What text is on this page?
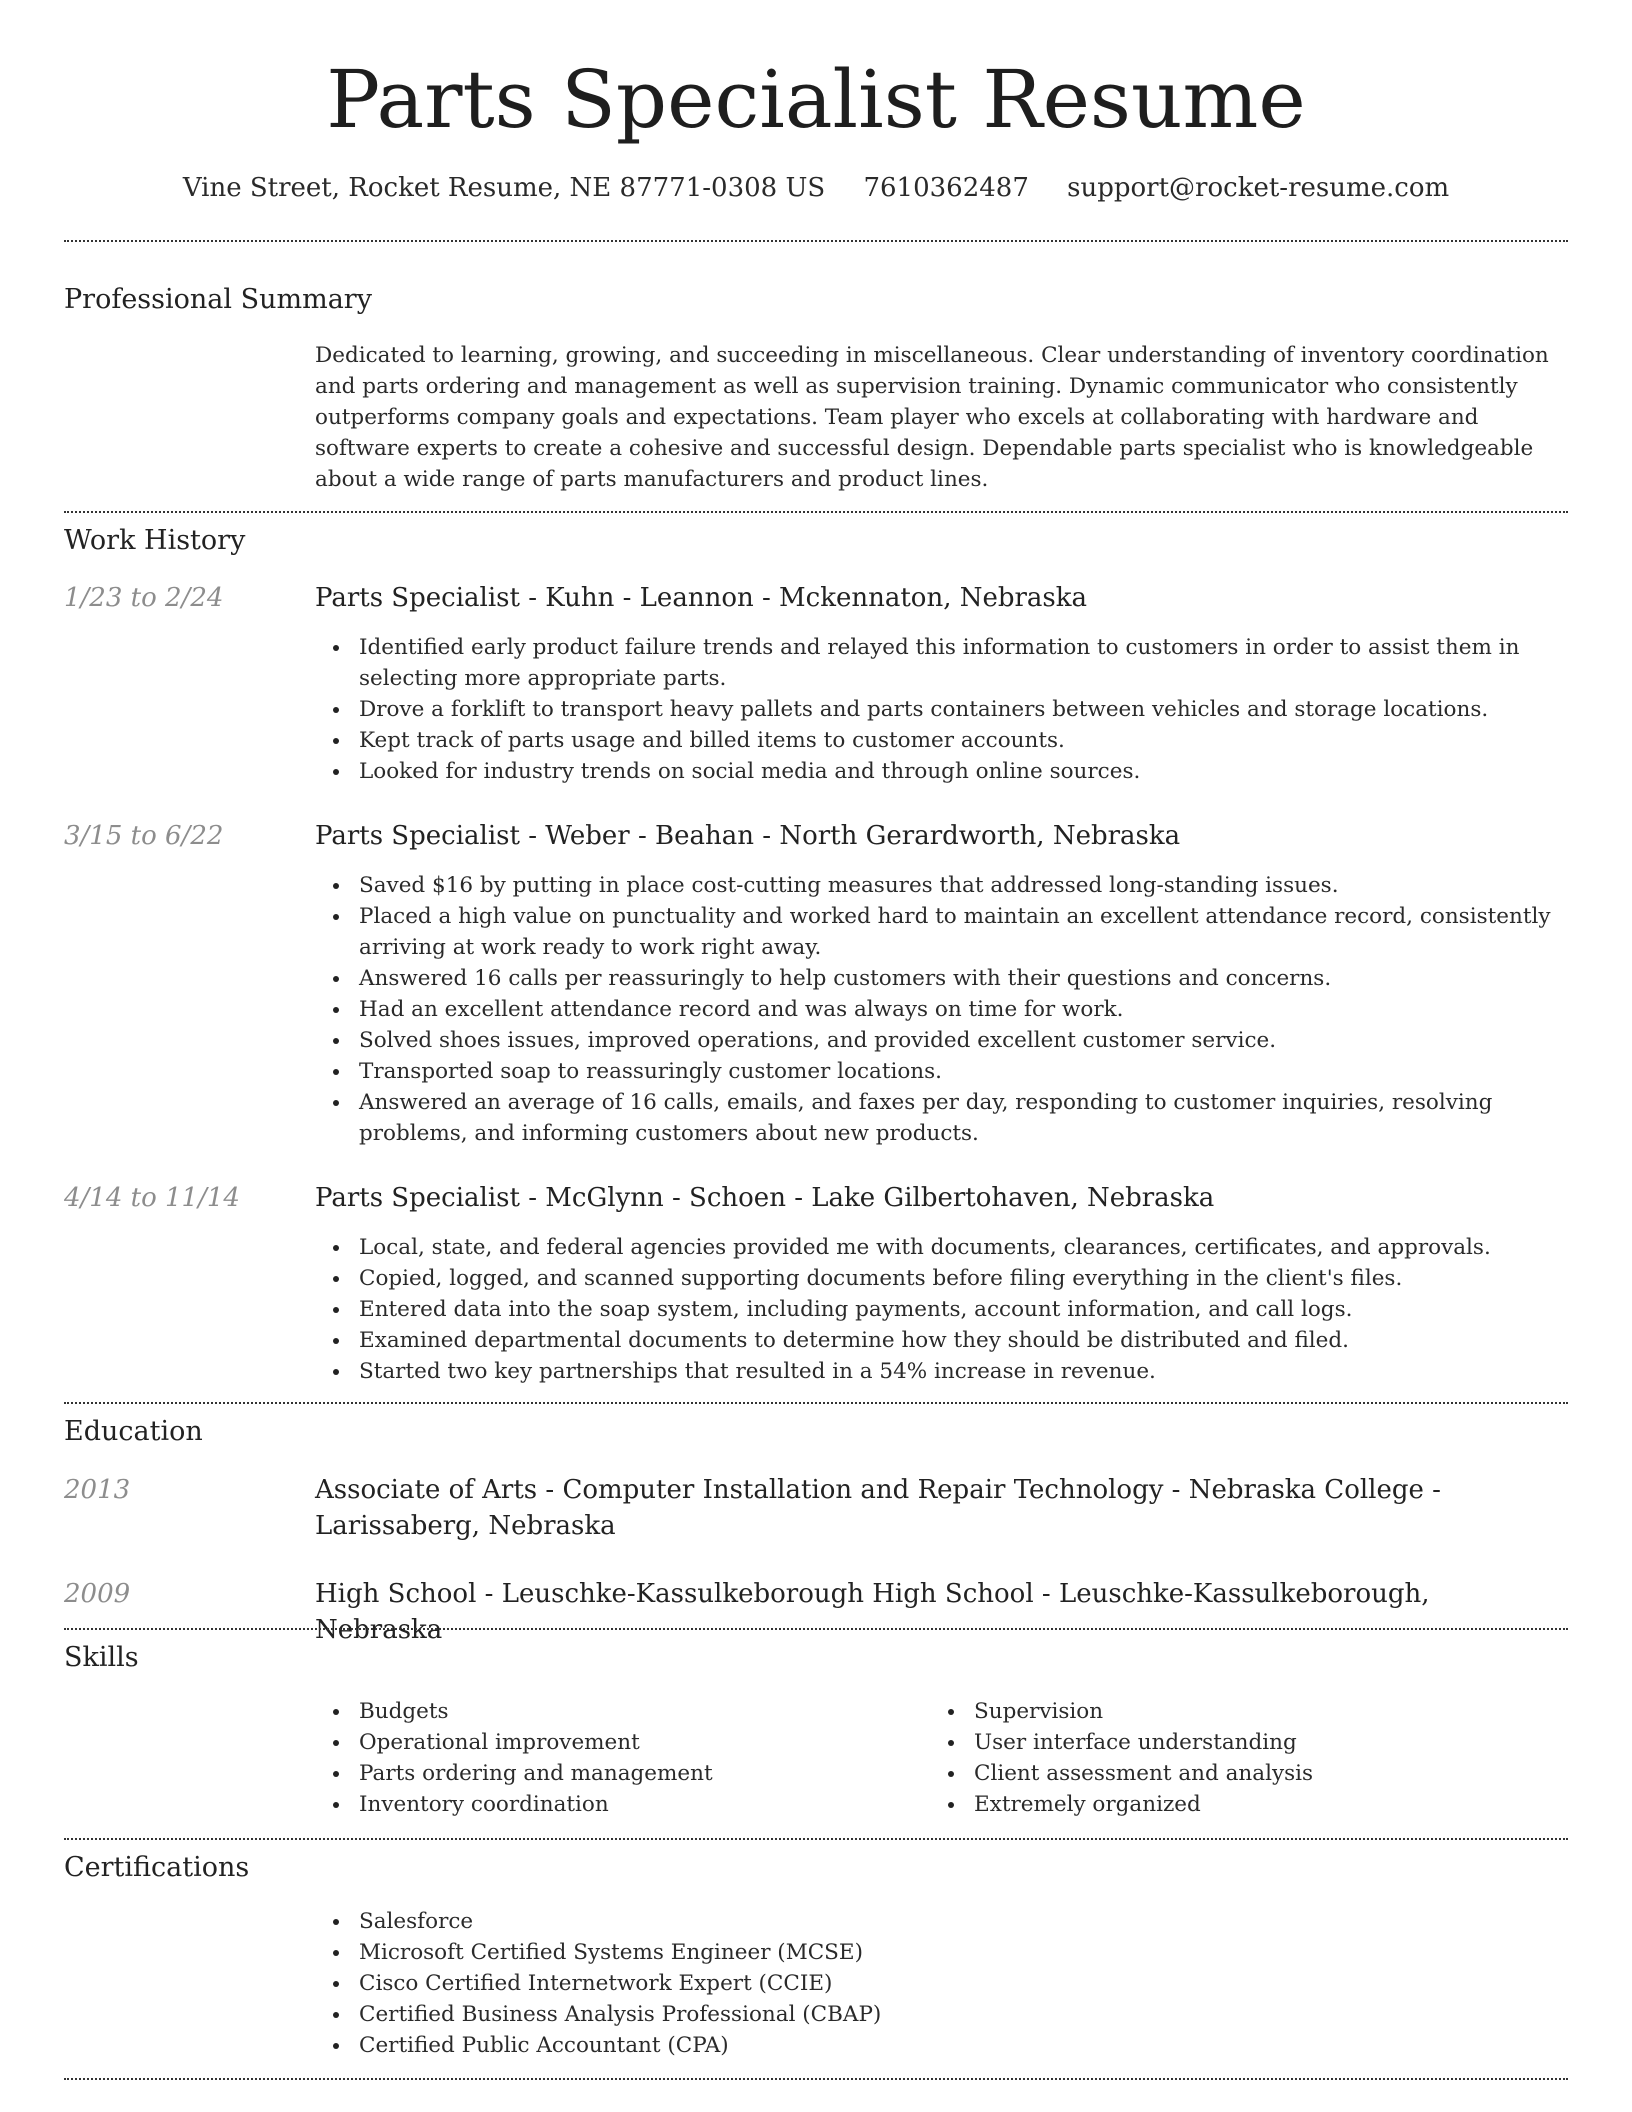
Parts Specialist Resume
Vine Street, Rocket Resume, NE 87771-0308 US 7610362487 support@rocket-resume.com
Professional Summary

Dedicated to learning, growing, and succeeding in miscellaneous. Clear understanding of inventory coordination and parts ordering and management as well as supervision training. Dynamic communicator who consistently outperforms company goals and expectations. Team player who excels at collaborating with hardware and software experts to create a cohesive and successful design. Dependable parts specialist who is knowledgeable about a wide range of parts manufacturers and product lines.

Work History
1/23 to 2/24	Parts Specialist - Kuhn - Leannon - Mckennaton, Nebraska
Identified early product failure trends and relayed this information to customers in order to assist them in selecting more appropriate parts.
Drove a forklift to transport heavy pallets and parts containers between vehicles and storage locations.
Kept track of parts usage and billed items to customer accounts.
Looked for industry trends on social media and through online sources.
3/15 to 6/22	Parts Specialist - Weber - Beahan - North Gerardworth, Nebraska
Saved $16 by putting in place cost-cutting measures that addressed long-standing issues.
Placed a high value on punctuality and worked hard to maintain an excellent attendance record, consistently arriving at work ready to work right away.
Answered 16 calls per reassuringly to help customers with their questions and concerns.
Had an excellent attendance record and was always on time for work.
Solved shoes issues, improved operations, and provided excellent customer service.
Transported soap to reassuringly customer locations.
Answered an average of 16 calls, emails, and faxes per day, responding to customer inquiries, resolving problems, and informing customers about new products.
4/14 to 11/14	Parts Specialist - McGlynn - Schoen - Lake Gilbertohaven, Nebraska
Local, state, and federal agencies provided me with documents, clearances, certificates, and approvals.
Copied, logged, and scanned supporting documents before filing everything in the client's files.
Entered data into the soap system, including payments, account information, and call logs.
Examined departmental documents to determine how they should be distributed and filed.
Started two key partnerships that resulted in a 54% increase in revenue.
Education
2013	Associate of Arts - Computer Installation and Repair Technology - Nebraska College - Larissaberg, Nebraska
2009	High School - Leuschke-Kassulkeborough High School - Leuschke-Kassulkeborough, Nebraska
Skills
Budgets
Operational improvement
Parts ordering and management
Inventory coordination
Supervision
User interface understanding
Client assessment and analysis
Extremely organized
Certifications
Salesforce
Microsoft Certified Systems Engineer (MCSE)
Cisco Certified Internetwork Expert (CCIE)
Certified Business Analysis Professional (CBAP)
Certified Public Accountant (CPA)
